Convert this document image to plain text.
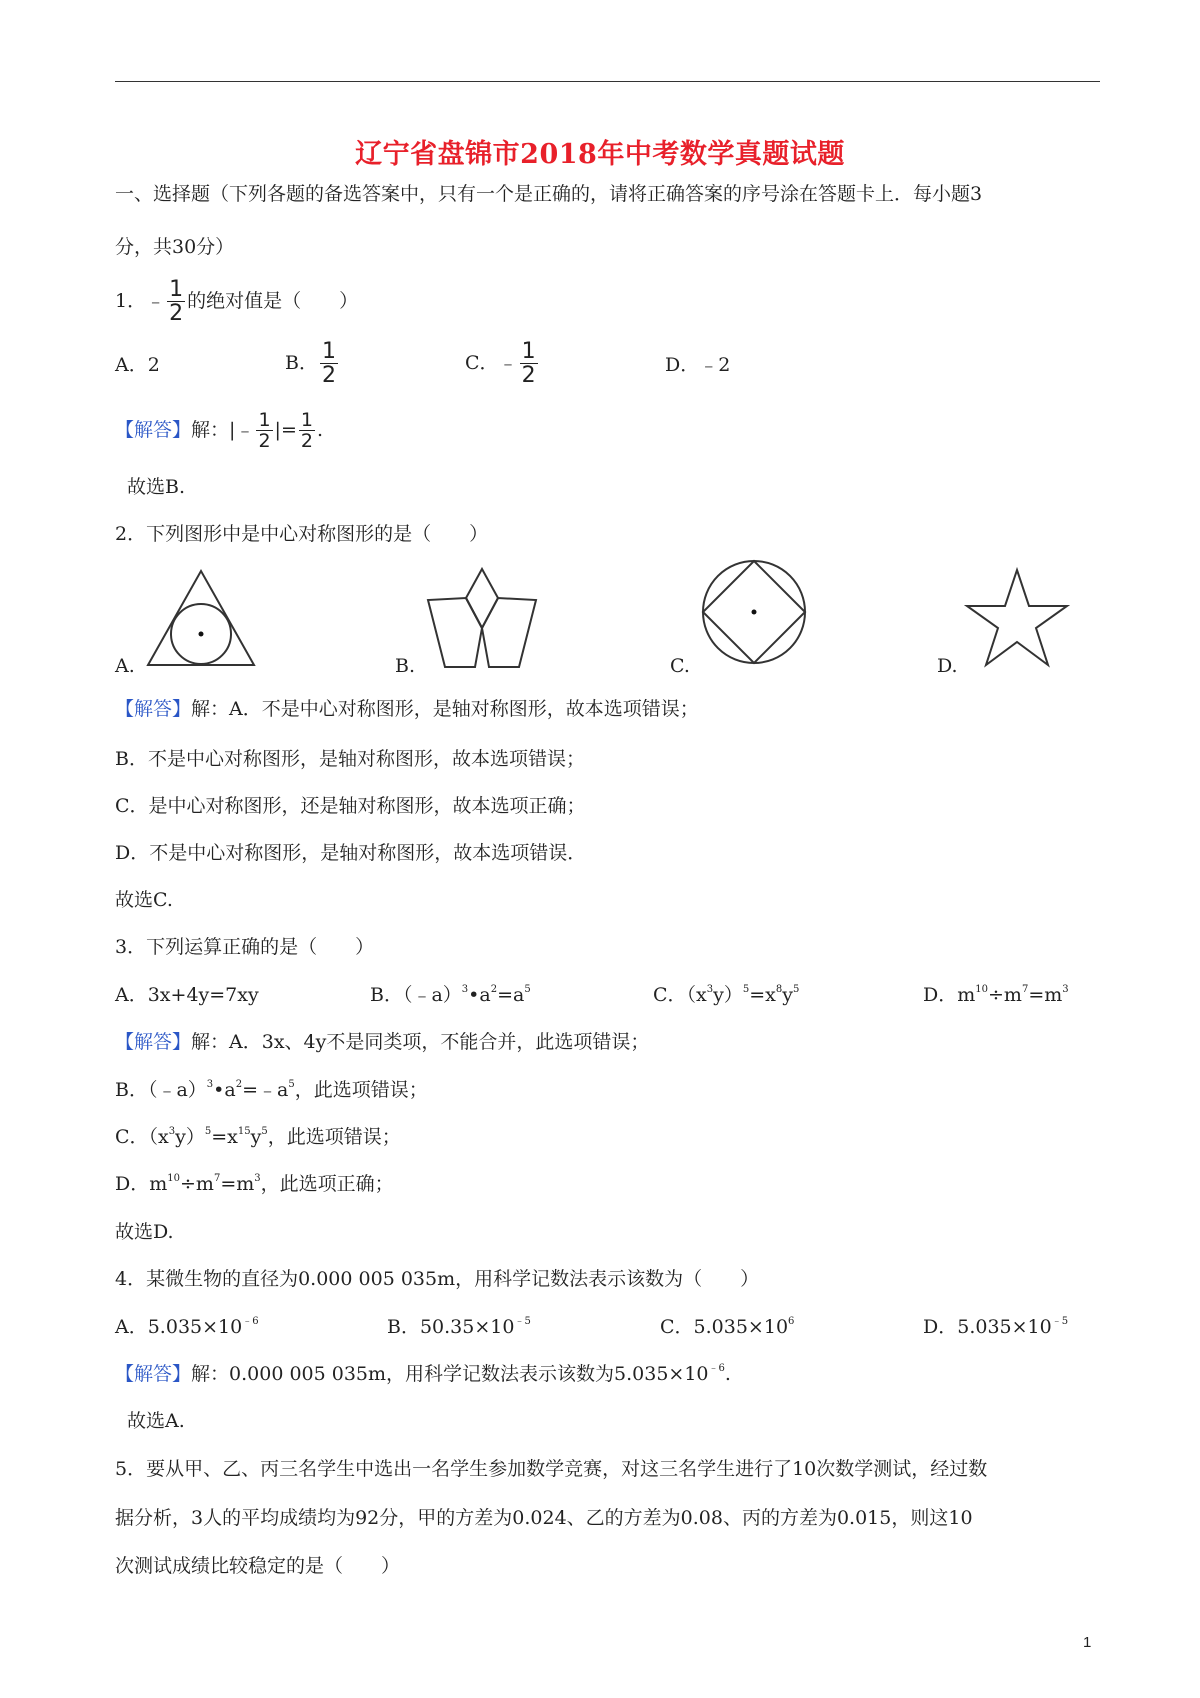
辽宁省盘锦市2018年中考数学真题试题
一、选择题（下列各题的备选答案中，只有一个是正确的，请将正确答案的序号涂在答题卡上．每小题3
分，共30分）
1．﹣ $\frac{1}{2}$ 的绝对值是（　　）
A．2	B． $\frac{1}{2}$	C．﹣ $\frac{1}{2}$	D．﹣2
【解答】解：|﹣ $\frac{1}{2}$ |= $\frac{1}{2}$ .
故选B.
2．下列图形中是中心对称图形的是（　　）
A.	B.	C.	D.
【解答】解：A．不是中心对称图形，是轴对称图形，故本选项错误；
B．不是中心对称图形，是轴对称图形，故本选项错误；
C．是中心对称图形，还是轴对称图形，故本选项正确；
D．不是中心对称图形，是轴对称图形，故本选项错误．
故选C.
3．下列运算正确的是（　　）
A．3x+4y=7xy	B．$(﹣a)^3•a^2=a^5$	C．$(x^3y)^5=x^8y^5$	D．$m^{10}\div m^7=m^3$
【解答】解：A．3x、4y不是同类项，不能合并，此选项错误；
B．$(﹣a)^3•a^2=﹣a^5$，此选项错误；
C．$(x^3y)^5=x^{15}y^5$，此选项错误；
D．$m^{10}\div m^7=m^3$，此选项正确；
故选D.
4．某微生物的直径为0.000 005 035m，用科学记数法表示该数为（　　）
A．$5.035\times 10^{﹣6}$	B．$50.35\times 10^{﹣5}$	C．$5.035\times 10^6$	D．$5.035\times 10^{﹣5}$
【解答】解：0.000 005 035m，用科学记数法表示该数为$5.035\times 10^{﹣6}$.
故选A.
5．要从甲、乙、丙三名学生中选出一名学生参加数学竞赛，对这三名学生进行了10次数学测试，经过数
据分析，3人的平均成绩均为92分，甲的方差为0.024、乙的方差为0.08、丙的方差为0.015，则这10
次测试成绩比较稳定的是（　　）
1
